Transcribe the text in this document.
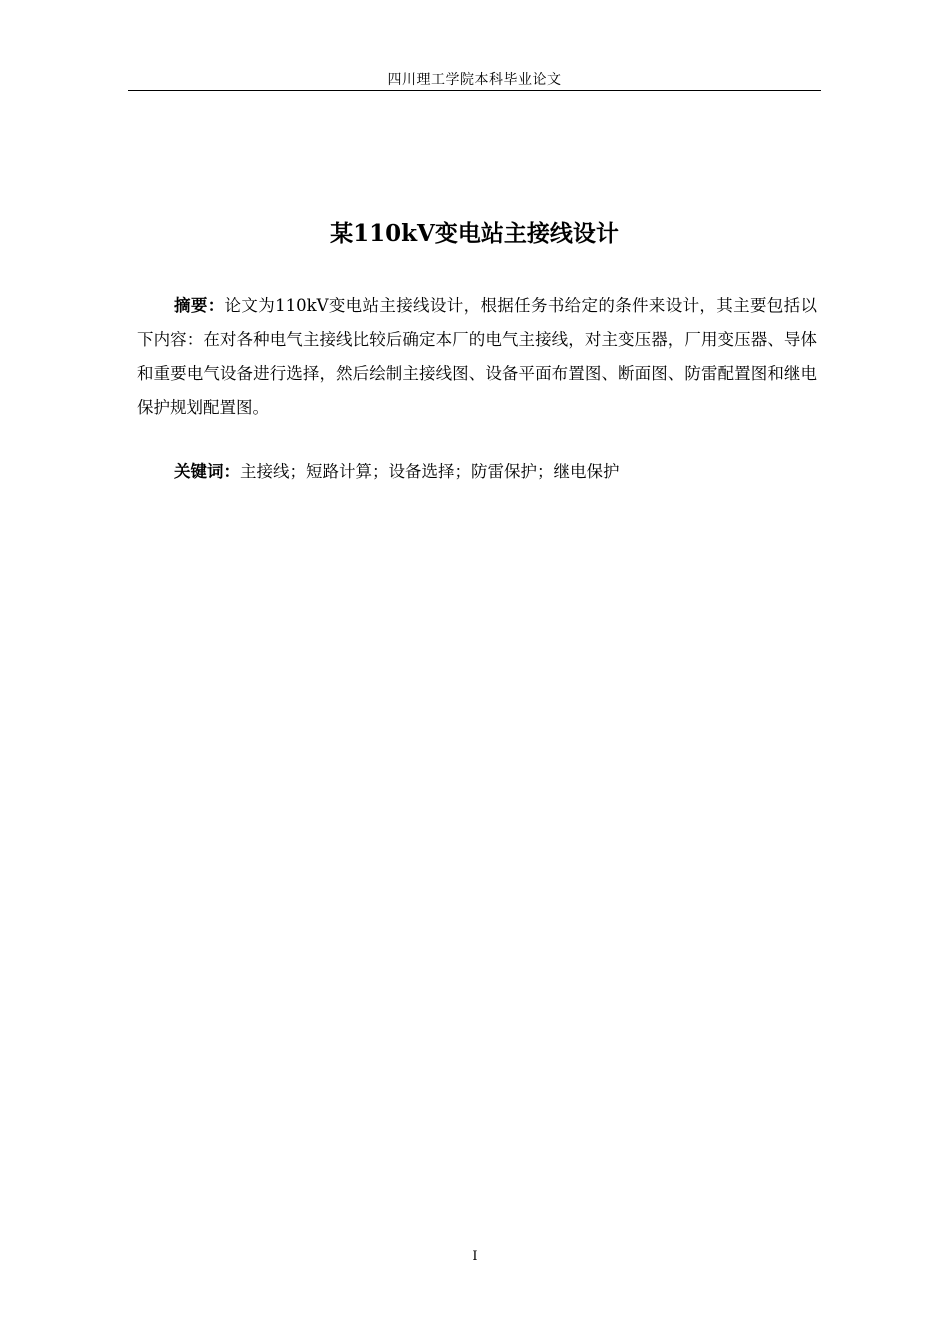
四川理工学院本科毕业论文
某110kV变电站主接线设计

摘要：论文为110kV变电站主接线设计，根据任务书给定的条件来设计，其主要包括以下内容：在对各种电气主接线比较后确定本厂的电气主接线，对主变压器，厂用变压器、导体和重要电气设备进行选择，然后绘制主接线图、设备平面布置图、断面图、防雷配置图和继电保护规划配置图。

关键词：主接线；短路计算；设备选择；防雷保护；继电保护

I
